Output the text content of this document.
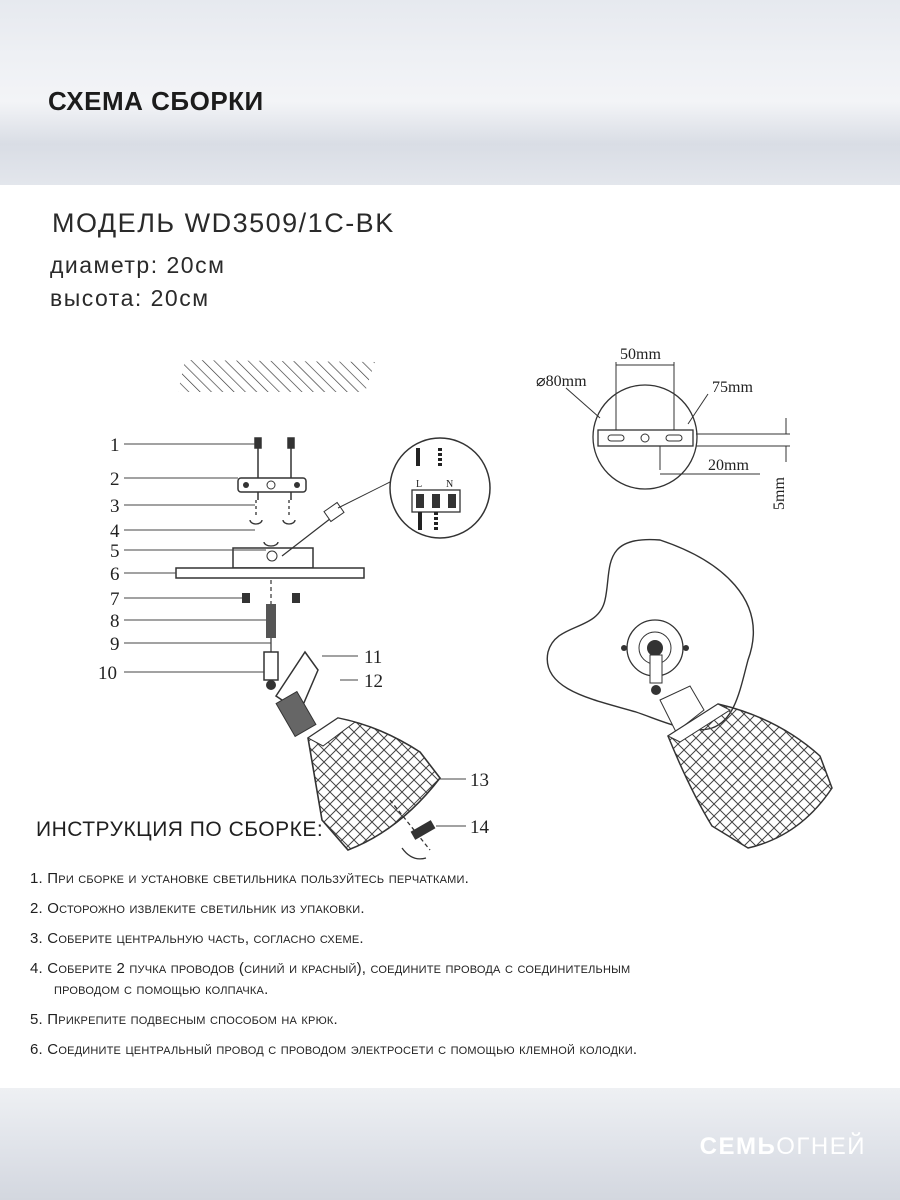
СХЕМА СБОРКИ
МОДЕЛЬ WD3509/1C-BK
диаметр: 20см
высота: 20см
L N
1
2
3
4
5
6
7
8
9
10
11
12
13
14
50mm
⌀80mm	75mm
20mm
5mm
ИНСТРУКЦИЯ ПО СБОРКЕ:
1. При сборке и установке светильника пользуйтесь перчатками.
2. Осторожно извлеките светильник из упаковки.
3. Соберите центральную часть, согласно схеме.
4. Соберите 2 пучка проводов (синий и красный), соедините провода с соединительным
проводом с помощью колпачка.
5. Прикрепите подвесным способом на крюк.
6. Соедините центральный провод с проводом электросети с помощью клемной колодки.
СЕМЬОГНЕЙ
